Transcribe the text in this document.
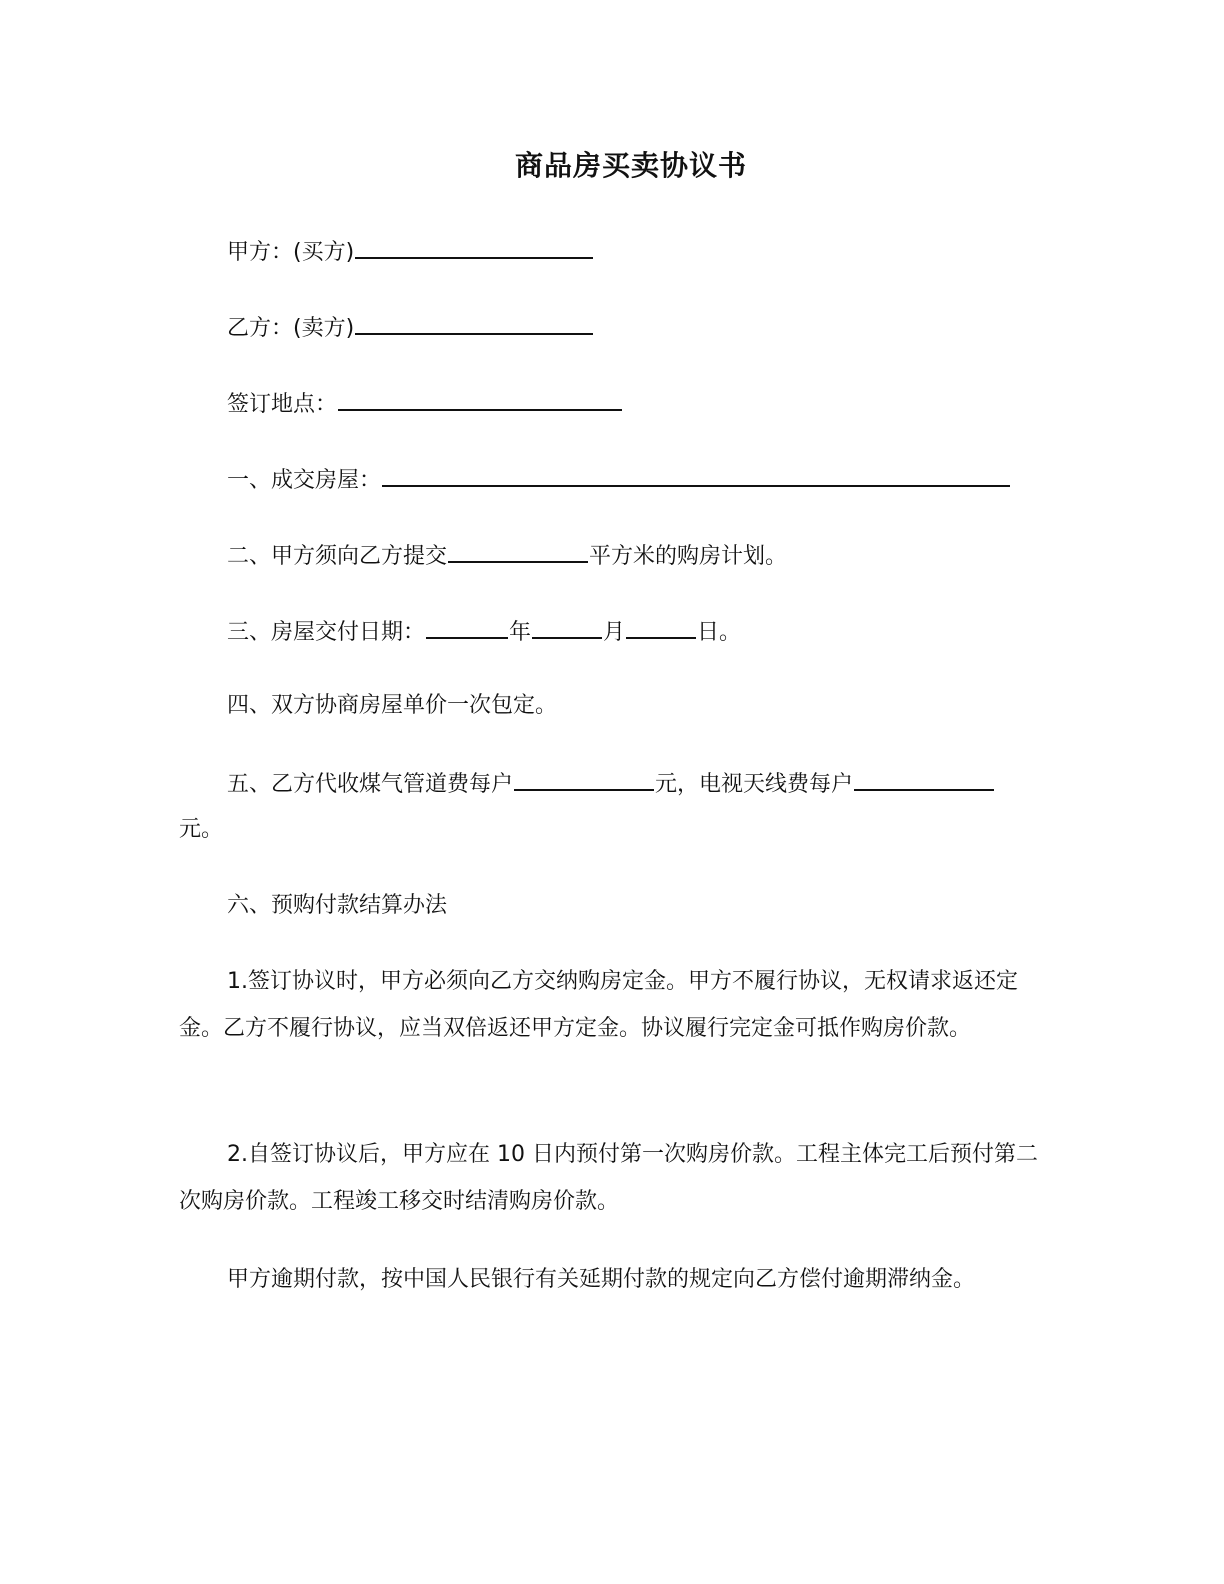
商品房买卖协议书
甲方：(买方)
乙方：(卖方)
签订地点：
一、成交房屋：
二、甲方须向乙方提交	平方米的购房计划。
三、房屋交付日期：	年	月	日。
四、双方协商房屋单价一次包定。
五、乙方代收煤气管道费每户	元，电视天线费每户
元。
六、预购付款结算办法
1.签订协议时，甲方必须向乙方交纳购房定金。甲方不履行协议，无权请求返还定金。乙方不履行协议，应当双倍返还甲方定金。协议履行完定金可抵作购房价款。
2.自签订协议后，甲方应在 10 日内预付第一次购房价款。工程主体完工后预付第二次购房价款。工程竣工移交时结清购房价款。
甲方逾期付款，按中国人民银行有关延期付款的规定向乙方偿付逾期滞纳金。
